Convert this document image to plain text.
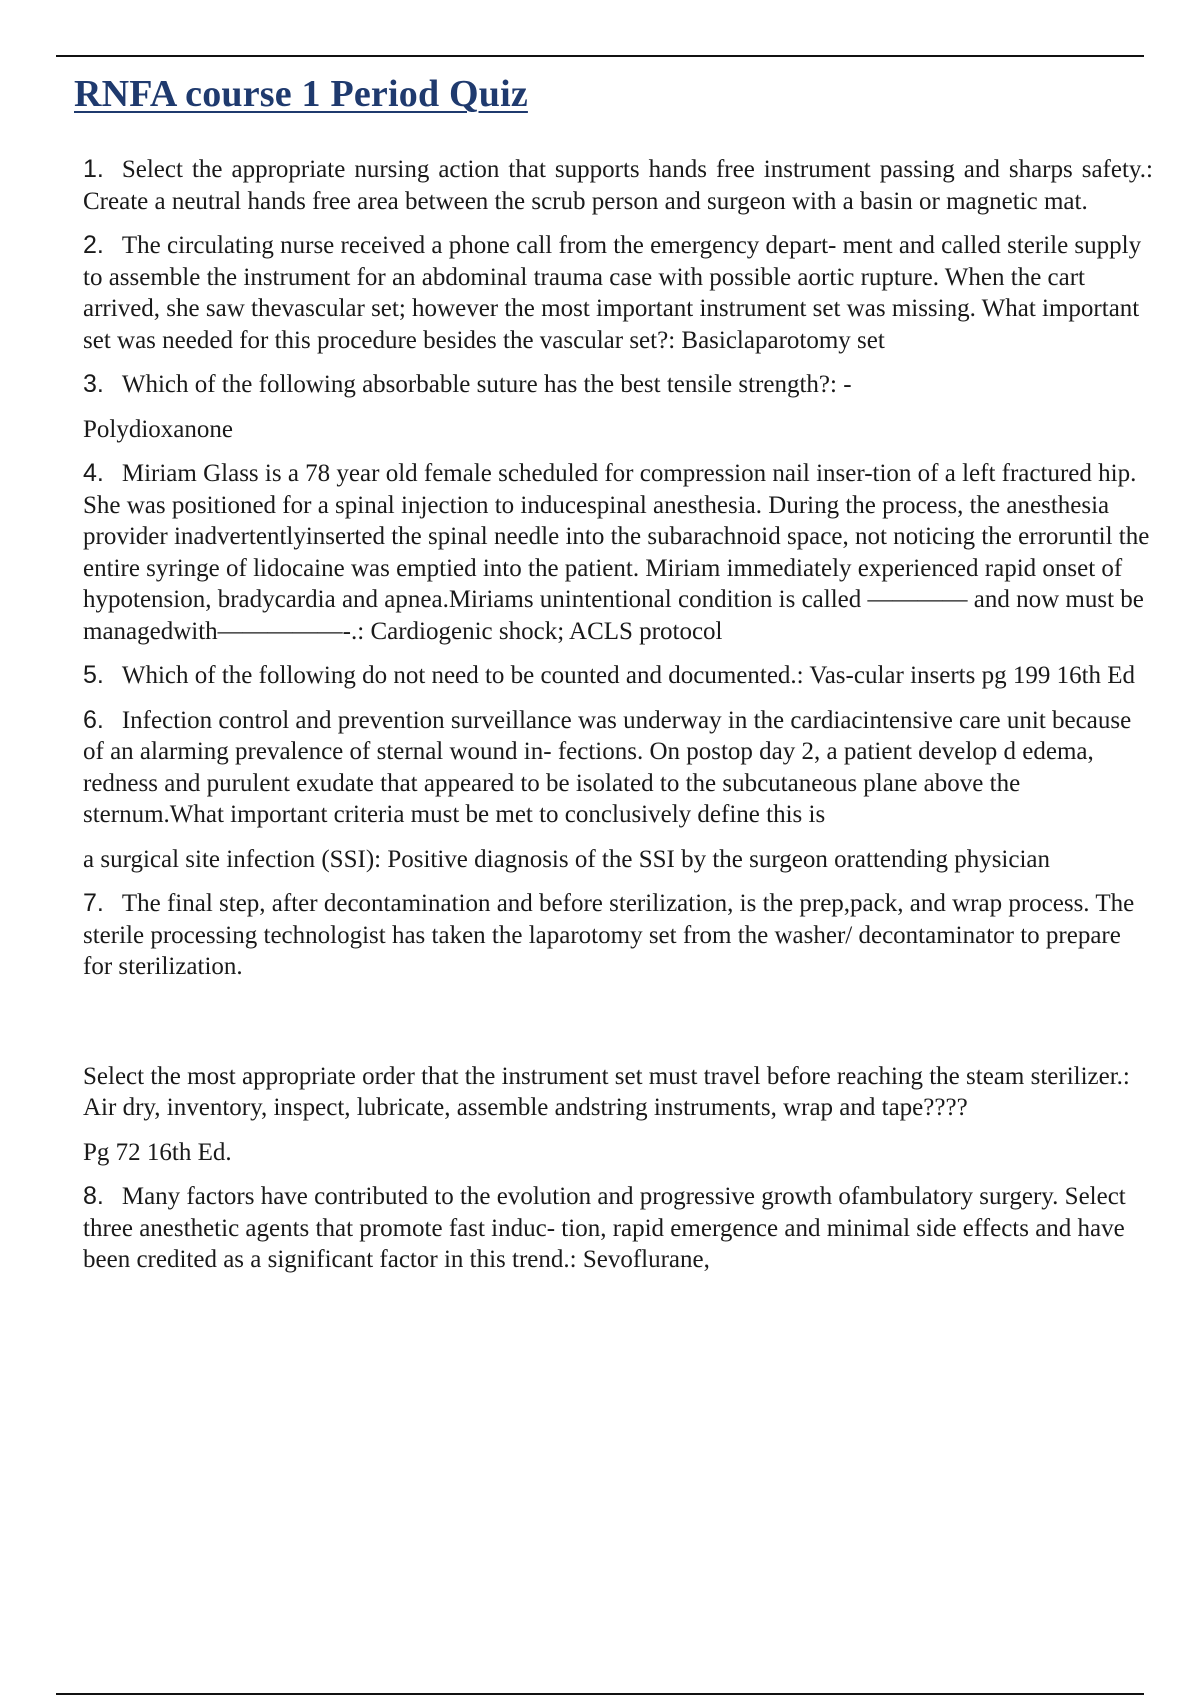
RNFA course 1 Period Quiz

1. Select the appropriate nursing action that supports hands free instrument passing and sharps safety.: Create a neutral hands free area between the scrub person and surgeon with a basin or magnetic mat.

2. The circulating nurse received a phone call from the emergency depart- ment and called sterile supply to assemble the instrument for an abdominal trauma case with possible aortic rupture. When the cart arrived, she saw thevascular set; however the most important instrument set was missing. What important set was needed for this procedure besides the vascular set?: Basiclaparotomy set

3. Which of the following absorbable suture has the best tensile strength?: -

Polydioxanone

4. Miriam Glass is a 78 year old female scheduled for compression nail inser-tion of a left fractured hip. She was positioned for a spinal injection to inducespinal anesthesia. During the process, the anesthesia provider inadvertentlyinserted the spinal needle into the subarachnoid space, not noticing the erroruntil the entire syringe of lidocaine was emptied into the patient. Miriam immediately experienced rapid onset of hypotension, bradycardia and apnea.Miriams unintentional condition is called ———— and now must be managedwith—————-.: Cardiogenic shock; ACLS protocol

5. Which of the following do not need to be counted and documented.: Vas-cular inserts pg 199 16th Ed

6. Infection control and prevention surveillance was underway in the cardiacintensive care unit because of an alarming prevalence of sternal wound in- fections. On postop day 2, a patient develop d edema, redness and purulent exudate that appeared to be isolated to the subcutaneous plane above the sternum.What important criteria must be met to conclusively define this is

a surgical site infection (SSI): Positive diagnosis of the SSI by the surgeon orattending physician

7. The final step, after decontamination and before sterilization, is the prep,pack, and wrap process. The sterile processing technologist has taken the laparotomy set from the washer/ decontaminator to prepare for sterilization.

Select the most appropriate order that the instrument set must travel before reaching the steam sterilizer.: Air dry, inventory, inspect, lubricate, assemble andstring instruments, wrap and tape????

Pg 72 16th Ed.

8. Many factors have contributed to the evolution and progressive growth ofambulatory surgery. Select three anesthetic agents that promote fast induc- tion, rapid emergence and minimal side effects and have been credited as a significant factor in this trend.: Sevoflurane,
